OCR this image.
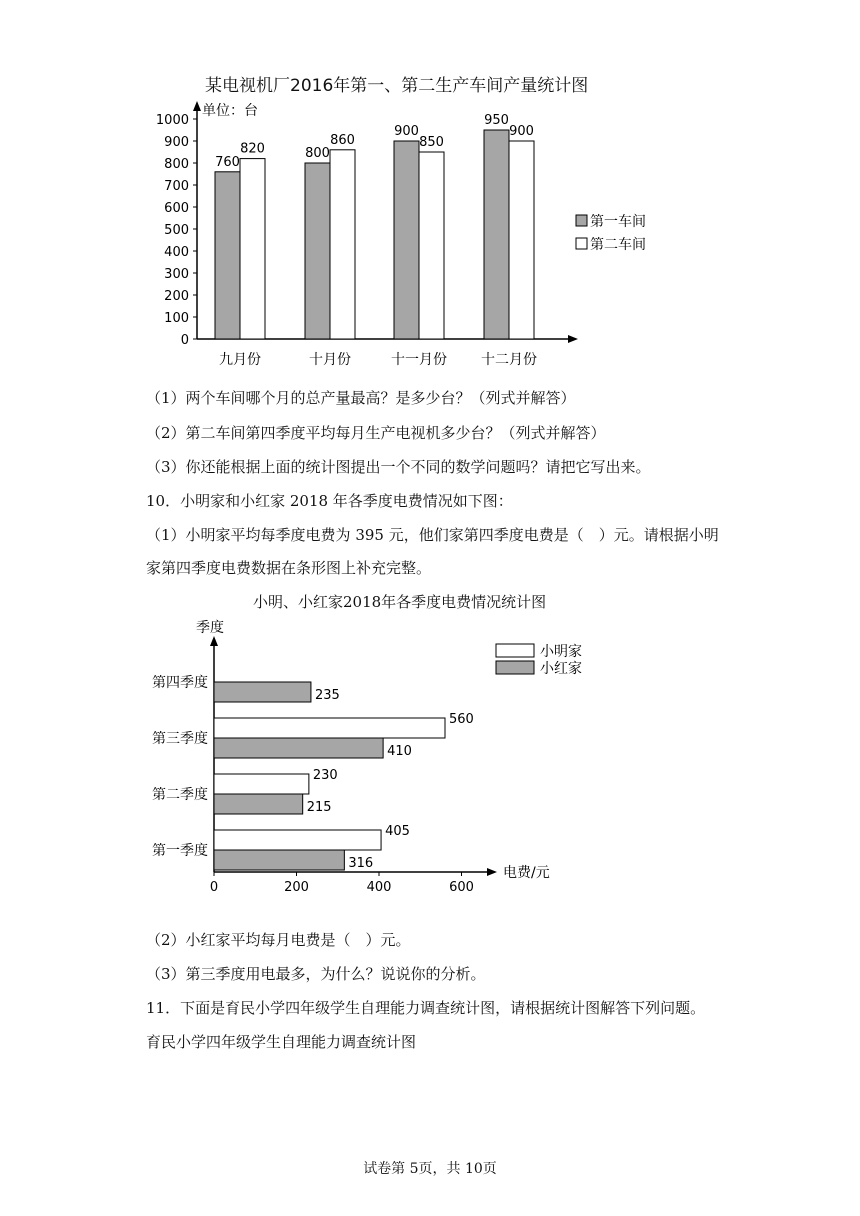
某电视机厂2016年第一、第二生产车间产量统计图
单位：台
0
100
200
300
400
500
600
700
800
900
1000
760
820
九月份
800
860
十月份
900
850
十一月份
950
900
十二月份
第一车间
第二车间
（1）两个车间哪个月的总产量最高？是多少台？（列式并解答）
（2）第二车间第四季度平均每月生产电视机多少台？（列式并解答）
（3）你还能根据上面的统计图提出一个不同的数学问题吗？请把它写出来。
10．小明家和小红家 2018 年各季度电费情况如下图：
（1）小明家平均每季度电费为 395 元，他们家第四季度电费是（　）元。请根据小明
家第四季度电费数据在条形图上补充完整。
小明、小红家2018年各季度电费情况统计图
电费/元
季度
0	200	400	600
235
第四季度
560
410
第三季度
230
215
第二季度
405
316
第一季度
小明家
小红家
（2）小红家平均每月电费是（　）元。
（3）第三季度用电最多，为什么？说说你的分析。
11．下面是育民小学四年级学生自理能力调查统计图，请根据统计图解答下列问题。
育民小学四年级学生自理能力调查统计图
试卷第 5页，共 10页
